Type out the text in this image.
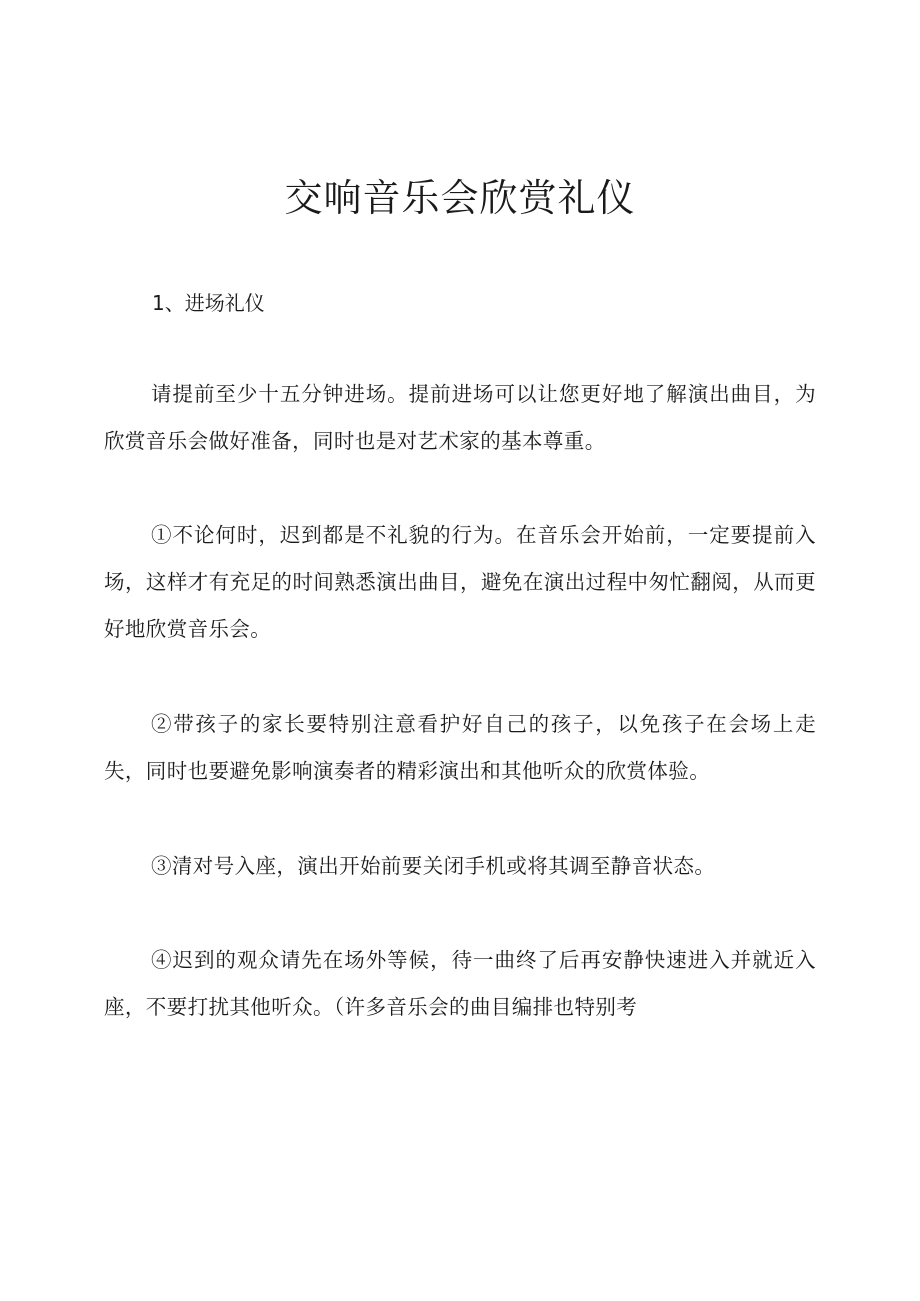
交响音乐会欣赏礼仪
1、进场礼仪

请提前至少十五分钟进场。提前进场可以让您更好地了解演出曲目，为欣赏音乐会做好准备，同时也是对艺术家的基本尊重。

①不论何时，迟到都是不礼貌的行为。在音乐会开始前，一定要提前入场，这样才有充足的时间熟悉演出曲目，避免在演出过程中匆忙翻阅，从而更好地欣赏音乐会。

②带孩子的家长要特别注意看护好自己的孩子，以免孩子在会场上走失，同时也要避免影响演奏者的精彩演出和其他听众的欣赏体验。

③清对号入座，演出开始前要关闭手机或将其调至静音状态。

④迟到的观众请先在场外等候，待一曲终了后再安静快速进入并就近入座，不要打扰其他听众。（许多音乐会的曲目编排也特别考
